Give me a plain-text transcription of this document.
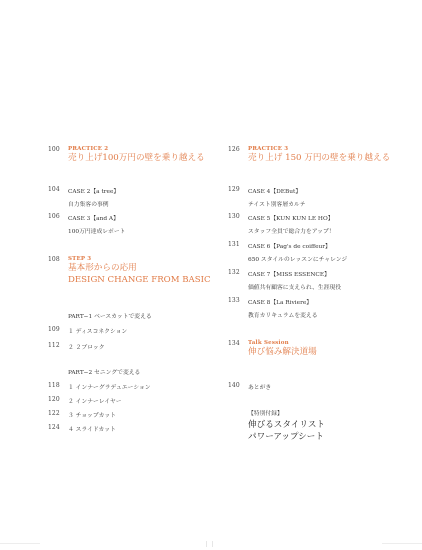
100	PRACTICE 2
売り上げ100万円の壁を乗り越える
104	CASE 2【a tree】
自力集客の事例
106	CASE 3【and A】
100万円達成レポート
108	STEP 3
基本形からの応用
DESIGN CHANGE FROM BASIC
PART−1 ベースカットで変える
109	１ ディスコネクション
112	２ ２ブロック
PART−2 セニングで変える
118	１ インナーグラデュエーション
120	２ インナーレイヤー
122	３ チョップカット
124	４ スライドカット
126	PRACTICE 3
売り上げ 150 万円の壁を乗り越える
129	CASE 4【DEBut】
テイスト別客層カルテ
130	CASE 5【KUN KUN LE HO】
スタッフ全員で総合力をアップ！
131	CASE 6【Pag's de coiffeur】
650 スタイルのレッスンにチャレンジ
132	CASE 7【MISS ESSENCE】
価値共有顧客に支えられ、生涯現役
133	CASE 8【La Riviere】
教育カリキュラムを変える
134	Talk Session
伸び悩み解決道場
140	あとがき
【特別付録】
伸びるスタイリスト
パワーアップシート
